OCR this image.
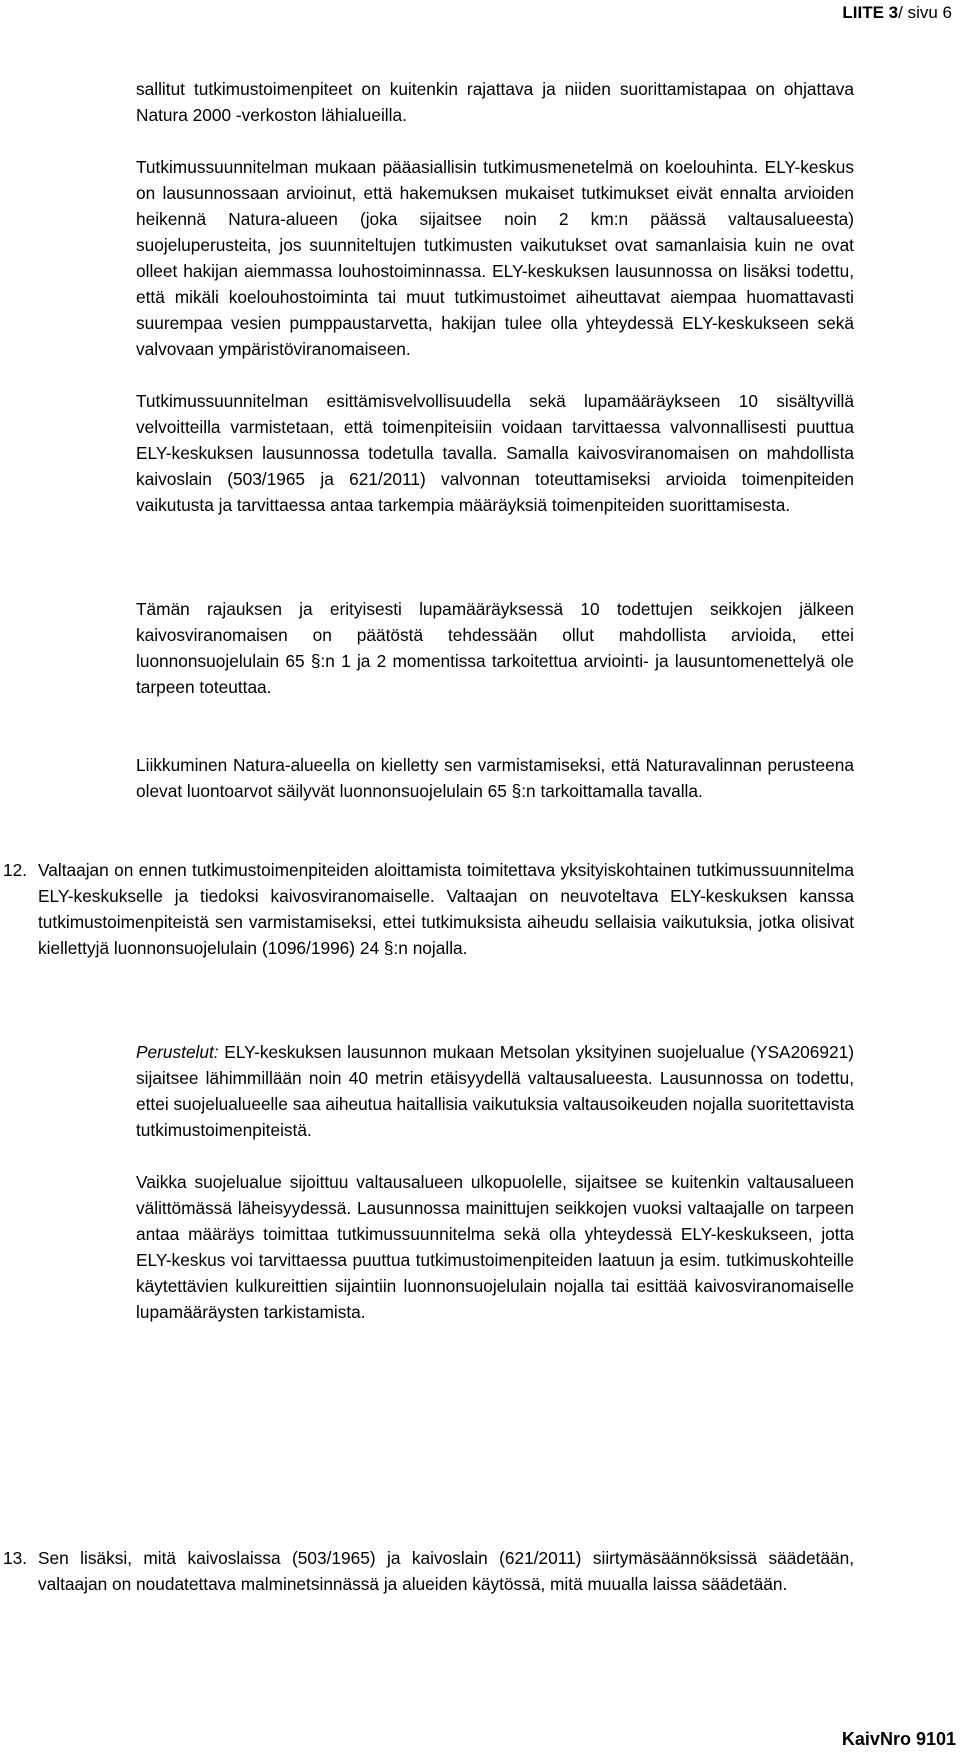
LIITE 3/ sivu 6

sallitut tutkimustoimenpiteet on kuitenkin rajattava ja niiden suorittamistapaa on ohjattava Natura 2000 -verkoston lähialueilla.

Tutkimussuunnitelman mukaan pääasiallisin tutkimusmenetelmä on koelouhinta. ELY-keskus on lausunnossaan arvioinut, että hakemuksen mukaiset tutkimukset eivät ennalta arvioiden heikennä Natura-alueen (joka sijaitsee noin 2 km:n päässä valtausalueesta) suojeluperusteita, jos suunniteltujen tutkimusten vaikutukset ovat samanlaisia kuin ne ovat olleet hakijan aiemmassa louhostoiminnassa. ELY-keskuksen lausunnossa on lisäksi todettu, että mikäli koelouhostoiminta tai muut tutkimustoimet aiheuttavat aiempaa huomattavasti suurempaa vesien pumppaustarvetta, hakijan tulee olla yhteydessä ELY-keskukseen sekä valvovaan ympäristöviranomaiseen.

Tutkimussuunnitelman esittämisvelvollisuudella sekä lupamääräykseen 10 sisältyvillä velvoitteilla varmistetaan, että toimenpiteisiin voidaan tarvittaessa valvonnallisesti puuttua ELY-keskuksen lausunnossa todetulla tavalla. Samalla kaivosviranomaisen on mahdollista kaivoslain (503/1965 ja 621/2011) valvonnan toteuttamiseksi arvioida toimenpiteiden vaikutusta ja tarvittaessa antaa tarkempia määräyksiä toimenpiteiden suorittamisesta.

Tämän rajauksen ja erityisesti lupamääräyksessä 10 todettujen seikkojen jälkeen kaivosviranomaisen on päätöstä tehdessään ollut mahdollista arvioida, ettei luonnonsuojelulain 65 §:n 1 ja 2 momentissa tarkoitettua arviointi- ja lausuntomenettelyä ole tarpeen toteuttaa.

Liikkuminen Natura-alueella on kielletty sen varmistamiseksi, että Naturavalinnan perusteena olevat luontoarvot säilyvät luonnonsuojelulain 65 §:n tarkoittamalla tavalla.

12. Valtaajan on ennen tutkimustoimenpiteiden aloittamista toimitettava yksityiskohtainen tutkimussuunnitelma ELY-keskukselle ja tiedoksi kaivosviranomaiselle. Valtaajan on neuvoteltava ELY-keskuksen kanssa tutkimustoimenpiteistä sen varmistamiseksi, ettei tutkimuksista aiheudu sellaisia vaikutuksia, jotka olisivat kiellettyjä luonnonsuojelulain (1096/1996) 24 §:n nojalla.

Perustelut: ELY-keskuksen lausunnon mukaan Metsolan yksityinen suojelualue (YSA206921) sijaitsee lähimmillään noin 40 metrin etäisyydellä valtausalueesta. Lausunnossa on todettu, ettei suojelualueelle saa aiheutua haitallisia vaikutuksia valtausoikeuden nojalla suoritettavista tutkimustoimenpiteistä.

Vaikka suojelualue sijoittuu valtausalueen ulkopuolelle, sijaitsee se kuitenkin valtausalueen välittömässä läheisyydessä. Lausunnossa mainittujen seikkojen vuoksi valtaajalle on tarpeen antaa määräys toimittaa tutkimussuunnitelma sekä olla yhteydessä ELY-keskukseen, jotta ELY-keskus voi tarvittaessa puuttua tutkimustoimenpiteiden laatuun ja esim. tutkimuskohteille käytettävien kulkureittien sijaintiin luonnonsuojelulain nojalla tai esittää kaivosviranomaiselle lupamääräysten tarkistamista.

13. Sen lisäksi, mitä kaivoslaissa (503/1965) ja kaivoslain (621/2011) siirtymäsäännöksissä säädetään, valtaajan on noudatettava malminetsinnässä ja alueiden käytössä, mitä muualla laissa säädetään.

KaivNro 9101
